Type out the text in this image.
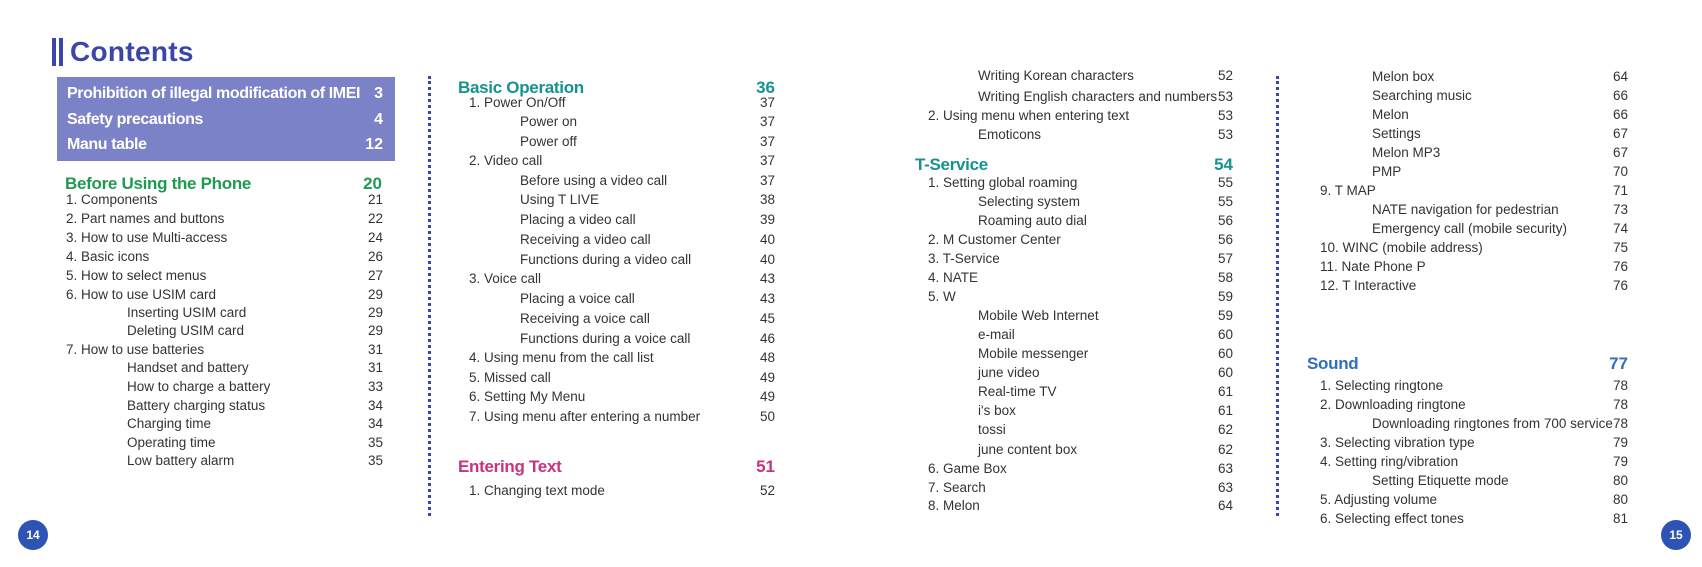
Contents
Prohibition of illegal modification of IMEI 3
Safety precautions	4
Manu table	12
Before Using the Phone	20
1. Components	21
2. Part names and buttons	22
3. How to use Multi-access	24
4. Basic icons	26
5. How to select menus	27
6. How to use USIM card	29
Inserting USIM card	29
Deleting USIM card	29
7. How to use batteries	31
Handset and battery	31
How to charge a battery	33
Battery charging status	34
Charging time	34
Operating time	35
Low battery alarm	35
Basic Operation	36
1. Power On/Off	37
Power on	37
Power off	37
2. Video call	37
Before using a video call	37
Using T LIVE	38
Placing a video call	39
Receiving a video call	40
Functions during a video call	40
3. Voice call	43
Placing a voice call	43
Receiving a voice call	45
Functions during a voice call	46
4. Using menu from the call list	48
5. Missed call	49
6. Setting My Menu	49
7. Using menu after entering a number	50
Entering Text	51
1. Changing text mode	52
Writing Korean characters	52
Writing English characters and numbers 53
2. Using menu when entering text	53
Emoticons	53
T-Service	54
1. Setting global roaming	55
Selecting system	55
Roaming auto dial	56
2. M Customer Center	56
3. T-Service	57
4. NATE	58
5. W	59
Mobile Web Internet	59
e-mail	60
Mobile messenger	60
june video	60
Real-time TV	61
i's box	61
tossi	62
june content box	62
6. Game Box	63
7. Search	63
8. Melon	64
Melon box	64
Searching music	66
Melon	66
Settings	67
Melon MP3	67
PMP	70
9. T MAP	71
NATE navigation for pedestrian	73
Emergency call (mobile security)	74
10. WINC (mobile address)	75
11. Nate Phone P	76
12. T Interactive	76
Sound	77
1. Selecting ringtone	78
2. Downloading ringtone	78
Downloading ringtones from 700 service 78
3. Selecting vibration type	79
4. Setting ring/vibration	79
Setting Etiquette mode	80
5. Adjusting volume	80
6. Selecting effect tones	81
14	15
